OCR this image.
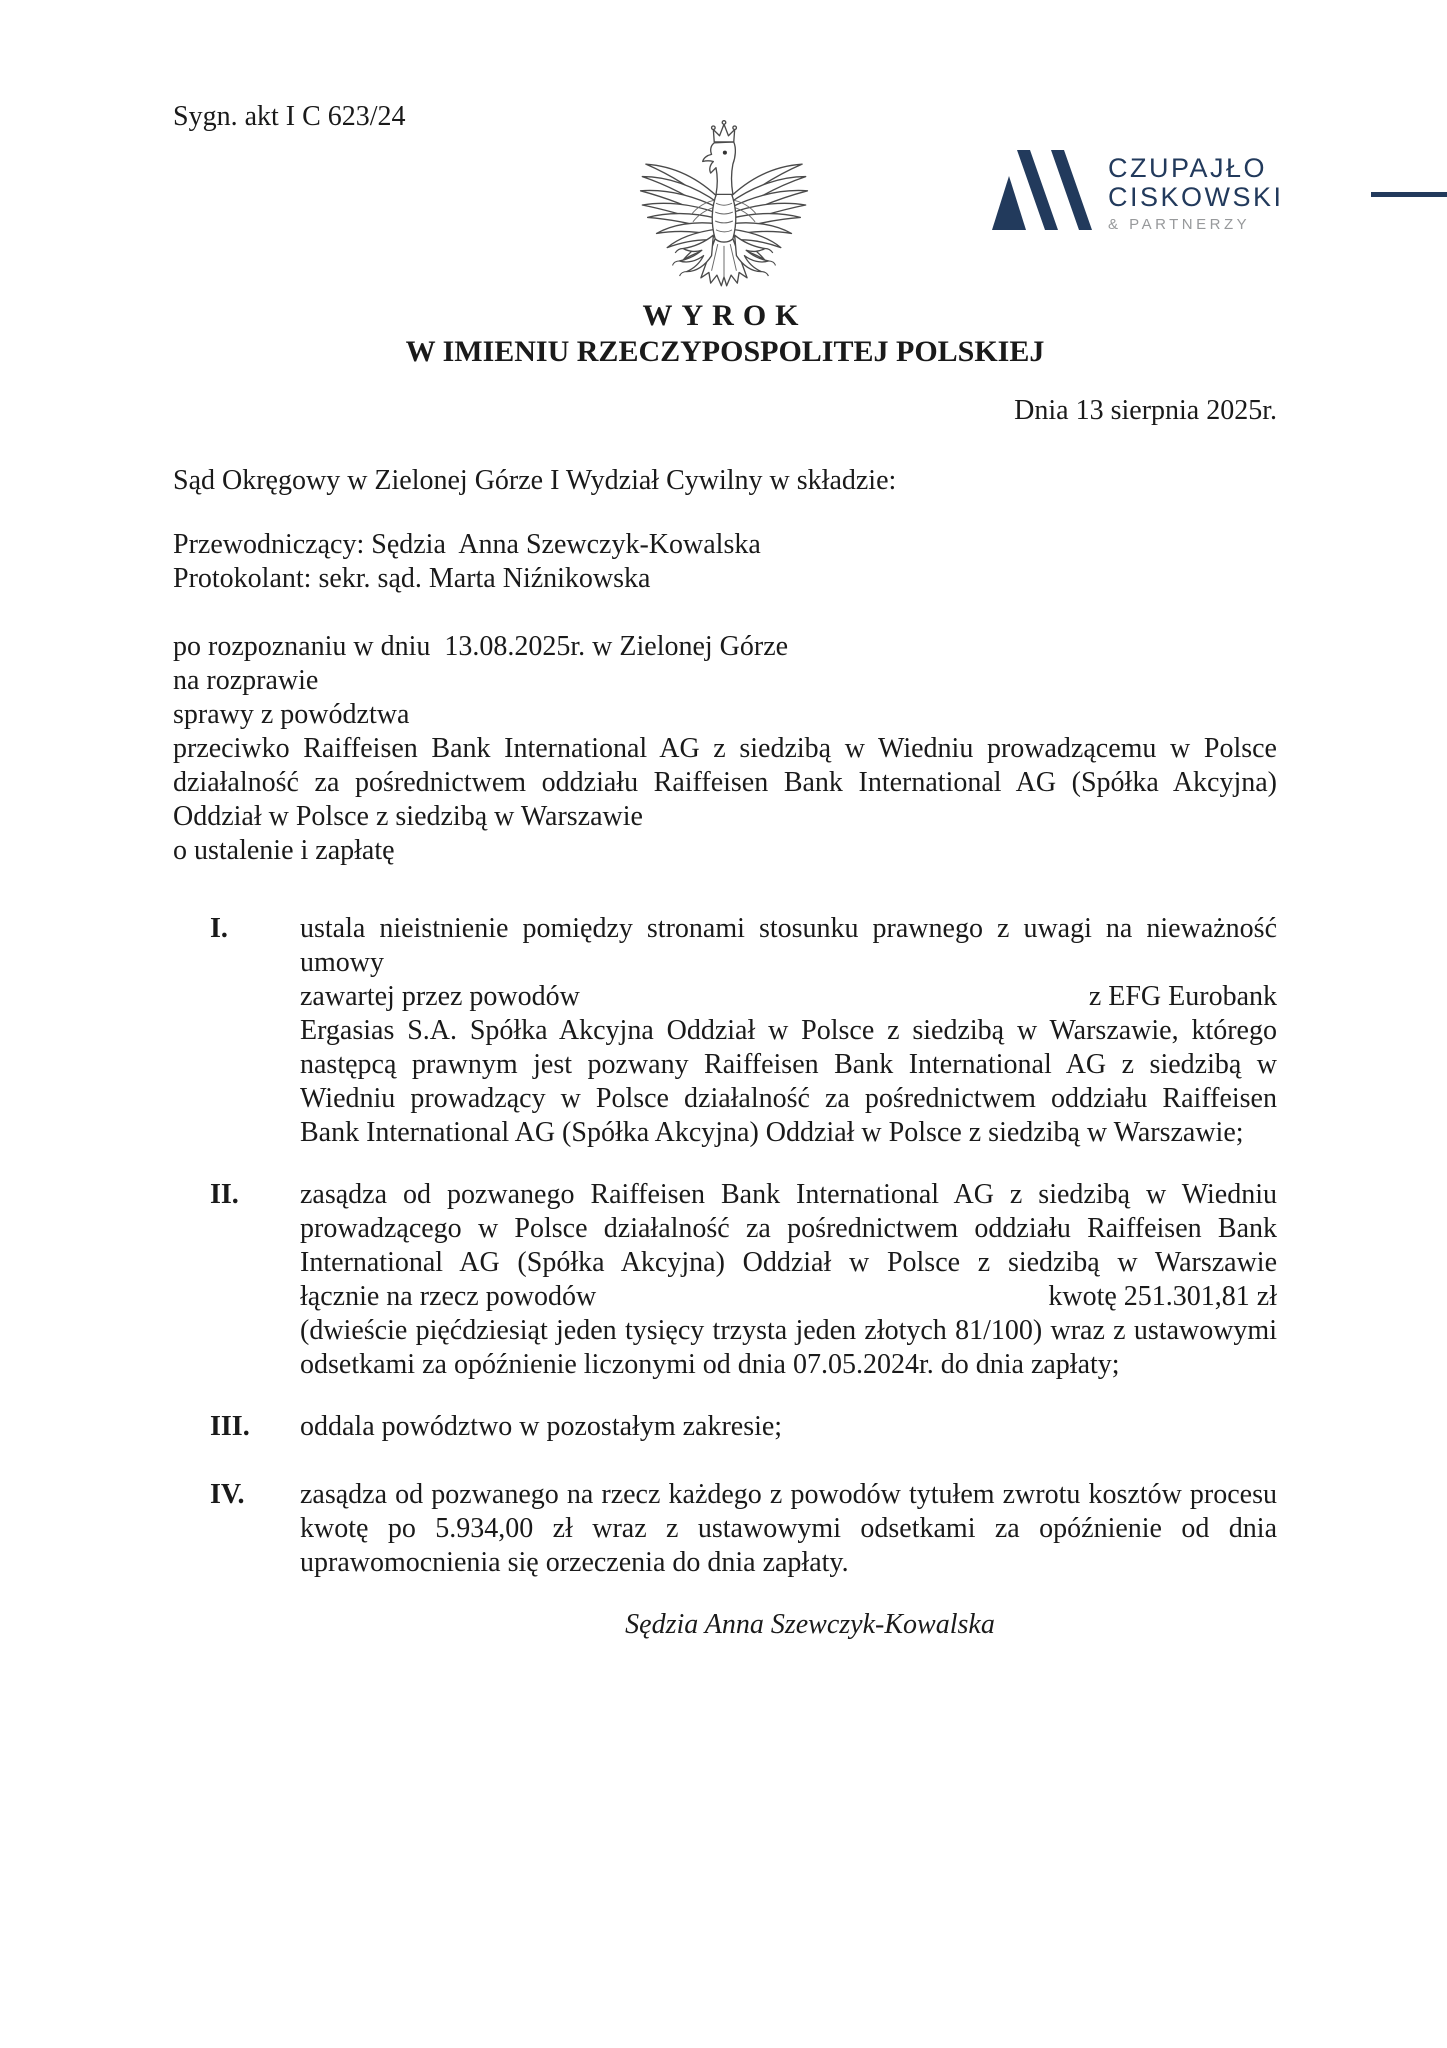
Sygn. akt I C 623/24
CZUPAJŁO
CISKOWSKI
& PARTNERZY
WYROK
W IMIENIU RZECZYPOSPOLITEJ POLSKIEJ
Dnia 13 sierpnia 2025r.
Sąd Okręgowy w Zielonej Górze I Wydział Cywilny w składzie:
Przewodniczący: Sędzia  Anna Szewczyk-Kowalska
Protokolant: sekr. sąd. Marta Niźnikowska
po rozpoznaniu w dniu  13.08.2025r. w Zielonej Górze
na rozprawie
sprawy z powództwa
przeciwko Raiffeisen Bank International AG z siedzibą w Wiedniu prowadzącemu w Polsce działalność za pośrednictwem oddziału Raiffeisen Bank International AG (Spółka Akcyjna) Oddział w Polsce z siedzibą w Warszawie
o ustalenie i zapłatę
I.	ustala nieistnienie pomiędzy stronami stosunku prawnego z uwagi na nieważność umowy
zawartej przez powodów	z EFG Eurobank
Ergasias S.A. Spółka Akcyjna Oddział w Polsce z siedzibą w Warszawie, którego następcą prawnym jest pozwany Raiffeisen Bank International AG z siedzibą w Wiedniu prowadzący w Polsce działalność za pośrednictwem oddziału Raiffeisen Bank International AG (Spółka Akcyjna) Oddział w Polsce z siedzibą w Warszawie;
II.	zasądza od pozwanego Raiffeisen Bank International AG z siedzibą w Wiedniu prowadzącego w Polsce działalność za pośrednictwem oddziału Raiffeisen Bank International AG (Spółka Akcyjna) Oddział w Polsce z siedzibą w Warszawie
łącznie na rzecz powodów	kwotę 251.301,81 zł
(dwieście pięćdziesiąt jeden tysięcy trzysta jeden złotych 81/100) wraz z ustawowymi odsetkami za opóźnienie liczonymi od dnia 07.05.2024r. do dnia zapłaty;
III.	oddala powództwo w pozostałym zakresie;
IV.	zasądza od pozwanego na rzecz każdego z powodów tytułem zwrotu kosztów procesu kwotę po 5.934,00 zł wraz z ustawowymi odsetkami za opóźnienie od dnia uprawomocnienia się orzeczenia do dnia zapłaty.
Sędzia Anna Szewczyk-Kowalska
